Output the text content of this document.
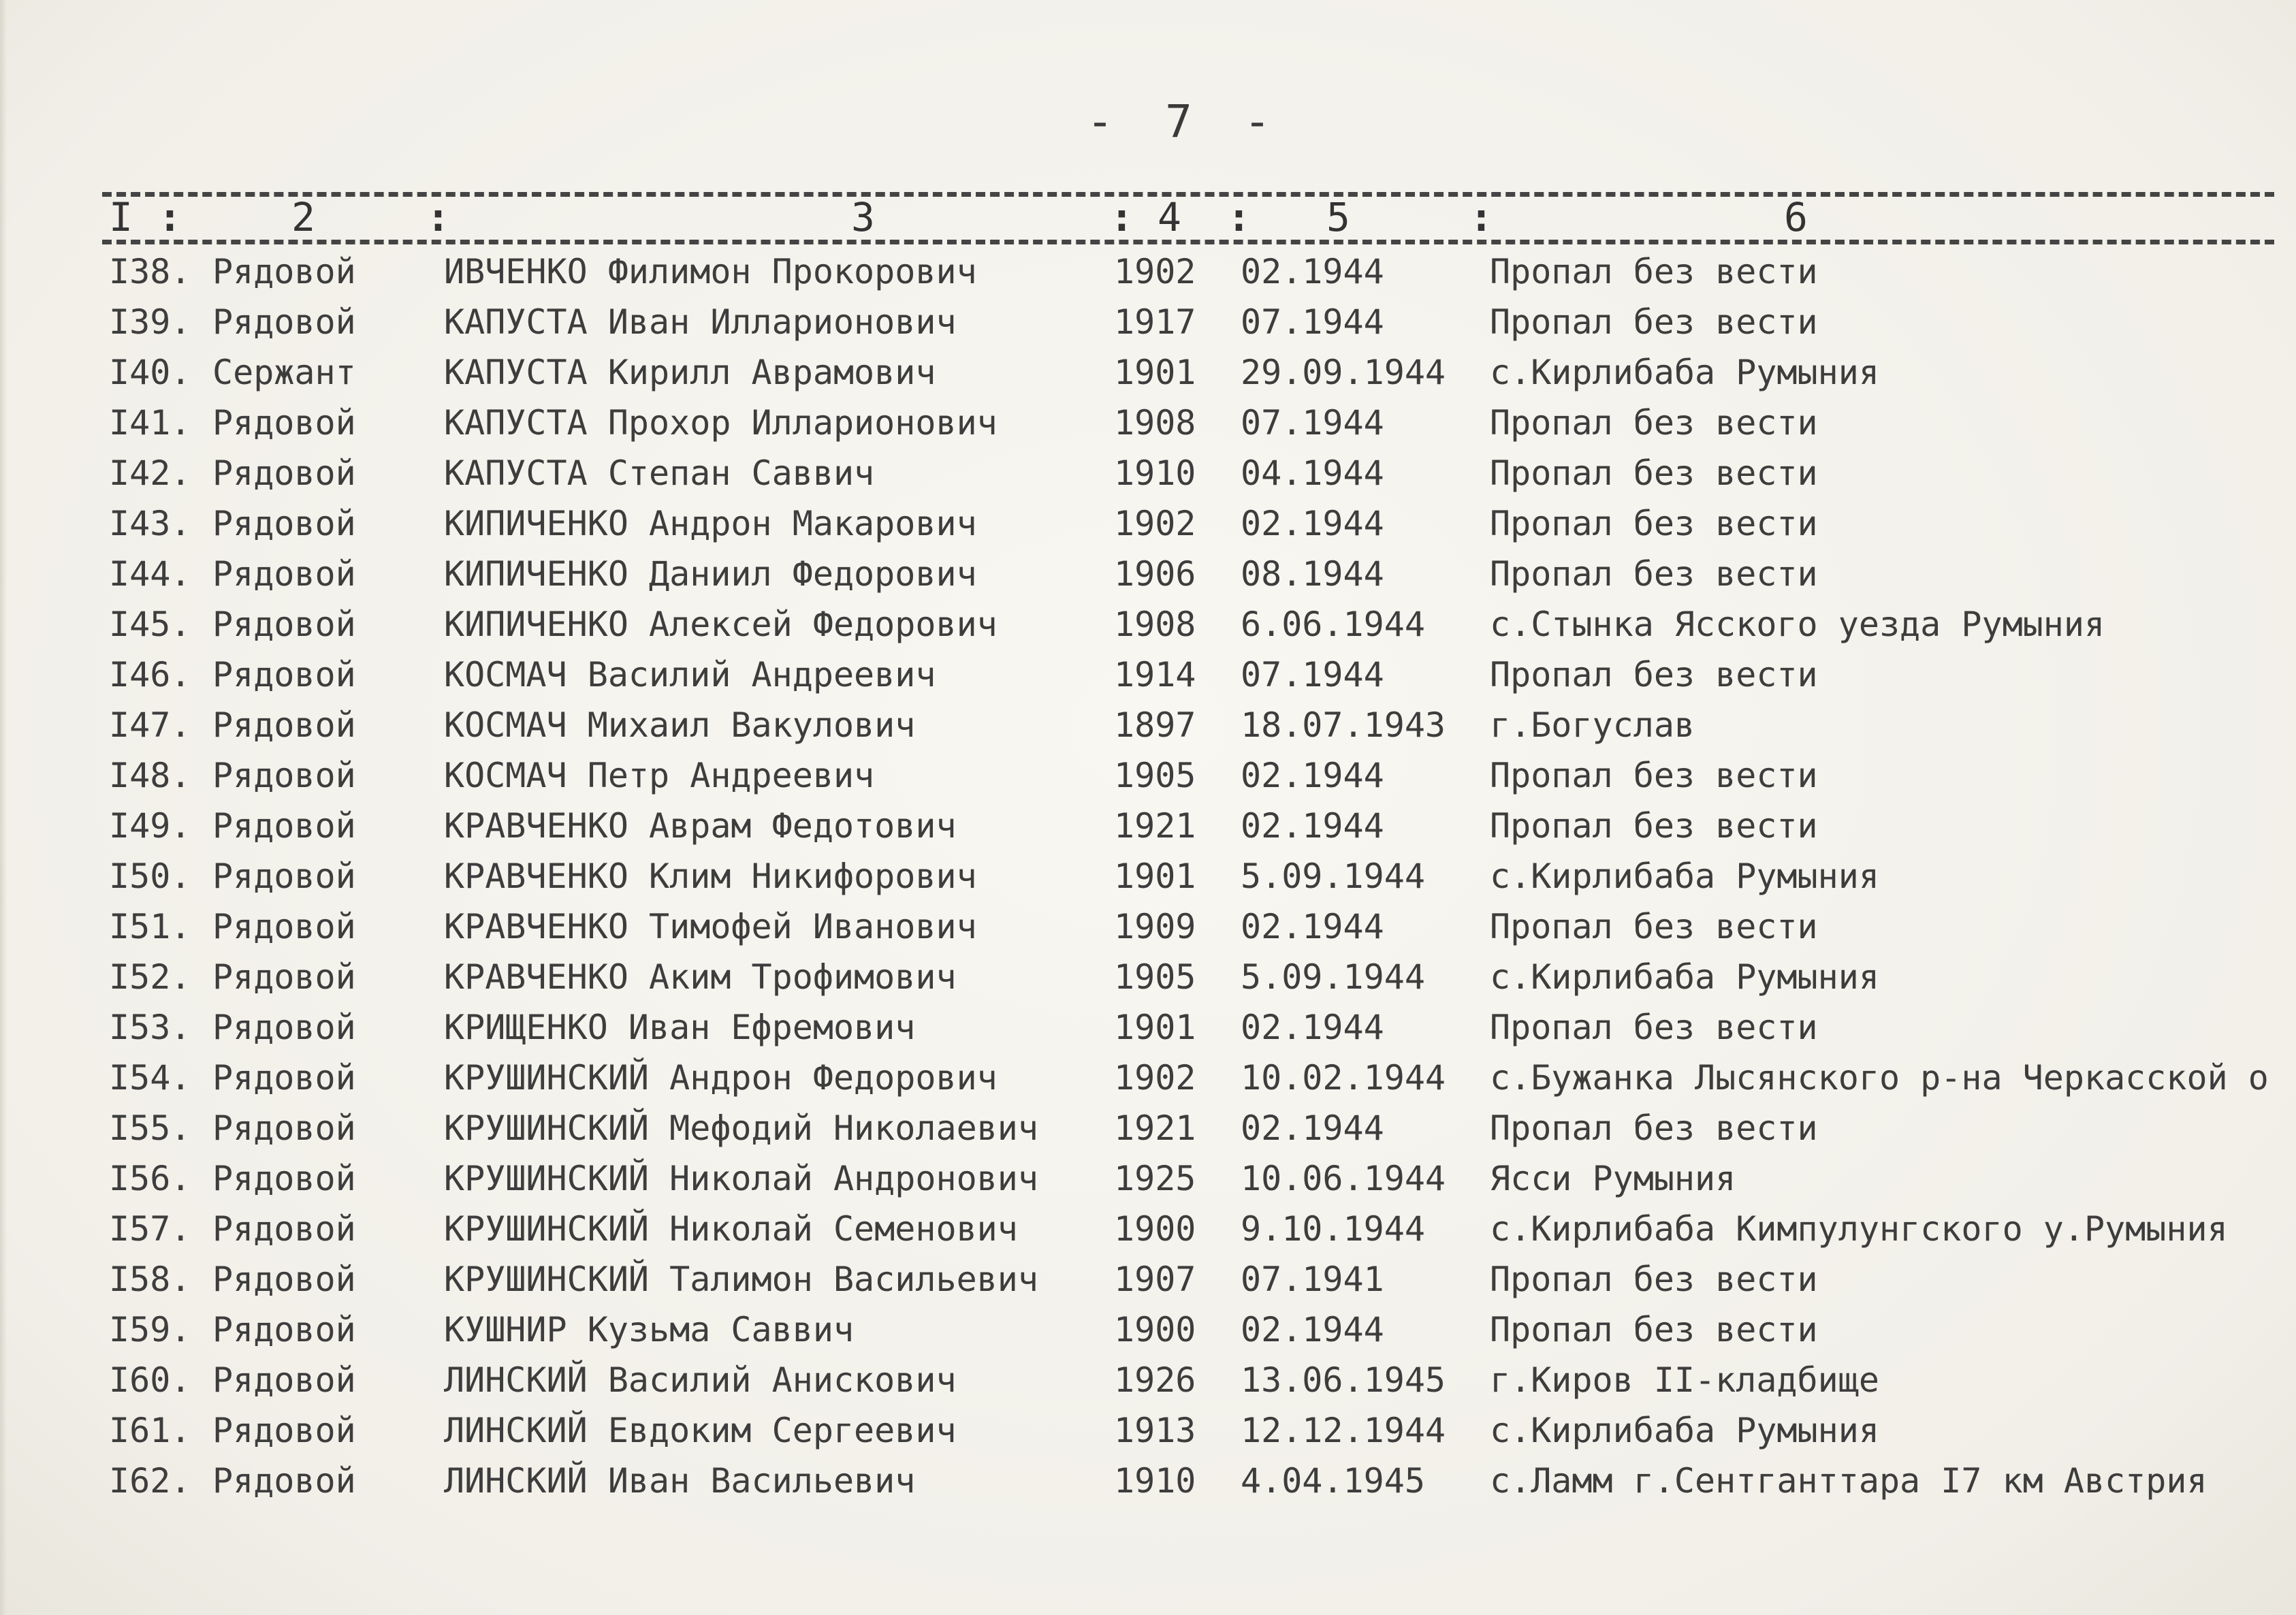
- 7 -
I :	2	:	3	: 4 : 5	:	6
I38. Рядовой	ИВЧЕНКО Филимон Прокорович	1902 02.1944	Пропал без вести
I39. Рядовой	КАПУСТА Иван Илларионович	1917 07.1944	Пропал без вести
I40. Сержант	КАПУСТА Кирилл Аврамович	1901 29.09.1944 с.Кирлибаба Румыния
I41. Рядовой	КАПУСТА Прохор Илларионович	1908 07.1944	Пропал без вести
I42. Рядовой	КАПУСТА Степан Саввич	1910 04.1944	Пропал без вести
I43. Рядовой	КИПИЧЕНКО Андрон Макарович	1902 02.1944	Пропал без вести
I44. Рядовой	КИПИЧЕНКО Даниил Федорович	1906 08.1944	Пропал без вести
I45. Рядовой	КИПИЧЕНКО Алексей Федорович	1908 6.06.1944 с.Стынка Ясского уезда Румыния
I46. Рядовой	КОСМАЧ Василий Андреевич	1914 07.1944	Пропал без вести
I47. Рядовой	КОСМАЧ Михаил Вакулович	1897 18.07.1943 г.Богуслав
I48. Рядовой	КОСМАЧ Петр Андреевич	1905 02.1944	Пропал без вести
I49. Рядовой	КРАВЧЕНКО Аврам Федотович	1921 02.1944	Пропал без вести
I50. Рядовой	КРАВЧЕНКО Клим Никифорович	1901 5.09.1944 с.Кирлибаба Румыния
I51. Рядовой	КРАВЧЕНКО Тимофей Иванович	1909 02.1944	Пропал без вести
I52. Рядовой	КРАВЧЕНКО Аким Трофимович	1905 5.09.1944 с.Кирлибаба Румыния
I53. Рядовой	КРИЩЕНКО Иван Ефремович	1901 02.1944	Пропал без вести
I54. Рядовой	КРУШИНСКИЙ Андрон Федорович	1902 10.02.1944 с.Бужанка Лысянского р-на Черкасской о
I55. Рядовой	КРУШИНСКИЙ Мефодий Николаевич 1921 02.1944	Пропал без вести
I56. Рядовой	КРУШИНСКИЙ Николай Андронович 1925 10.06.1944 Ясси Румыния
I57. Рядовой	КРУШИНСКИЙ Николай Семенович	1900 9.10.1944 с.Кирлибаба Кимпулунгского у.Румыния
I58. Рядовой	КРУШИНСКИЙ Талимон Васильевич 1907 07.1941	Пропал без вести
I59. Рядовой	КУШНИР Кузьма Саввич	1900 02.1944	Пропал без вести
I60. Рядовой	ЛИНСКИЙ Василий Анискович	1926 13.06.1945 г.Киров II-кладбище
I61. Рядовой	ЛИНСКИЙ Евдоким Сергеевич	1913 12.12.1944 с.Кирлибаба Румыния
I62. Рядовой	ЛИНСКИЙ Иван Васильевич	1910 4.04.1945 с.Ламм г.Сентганттара I7 км Австрия
